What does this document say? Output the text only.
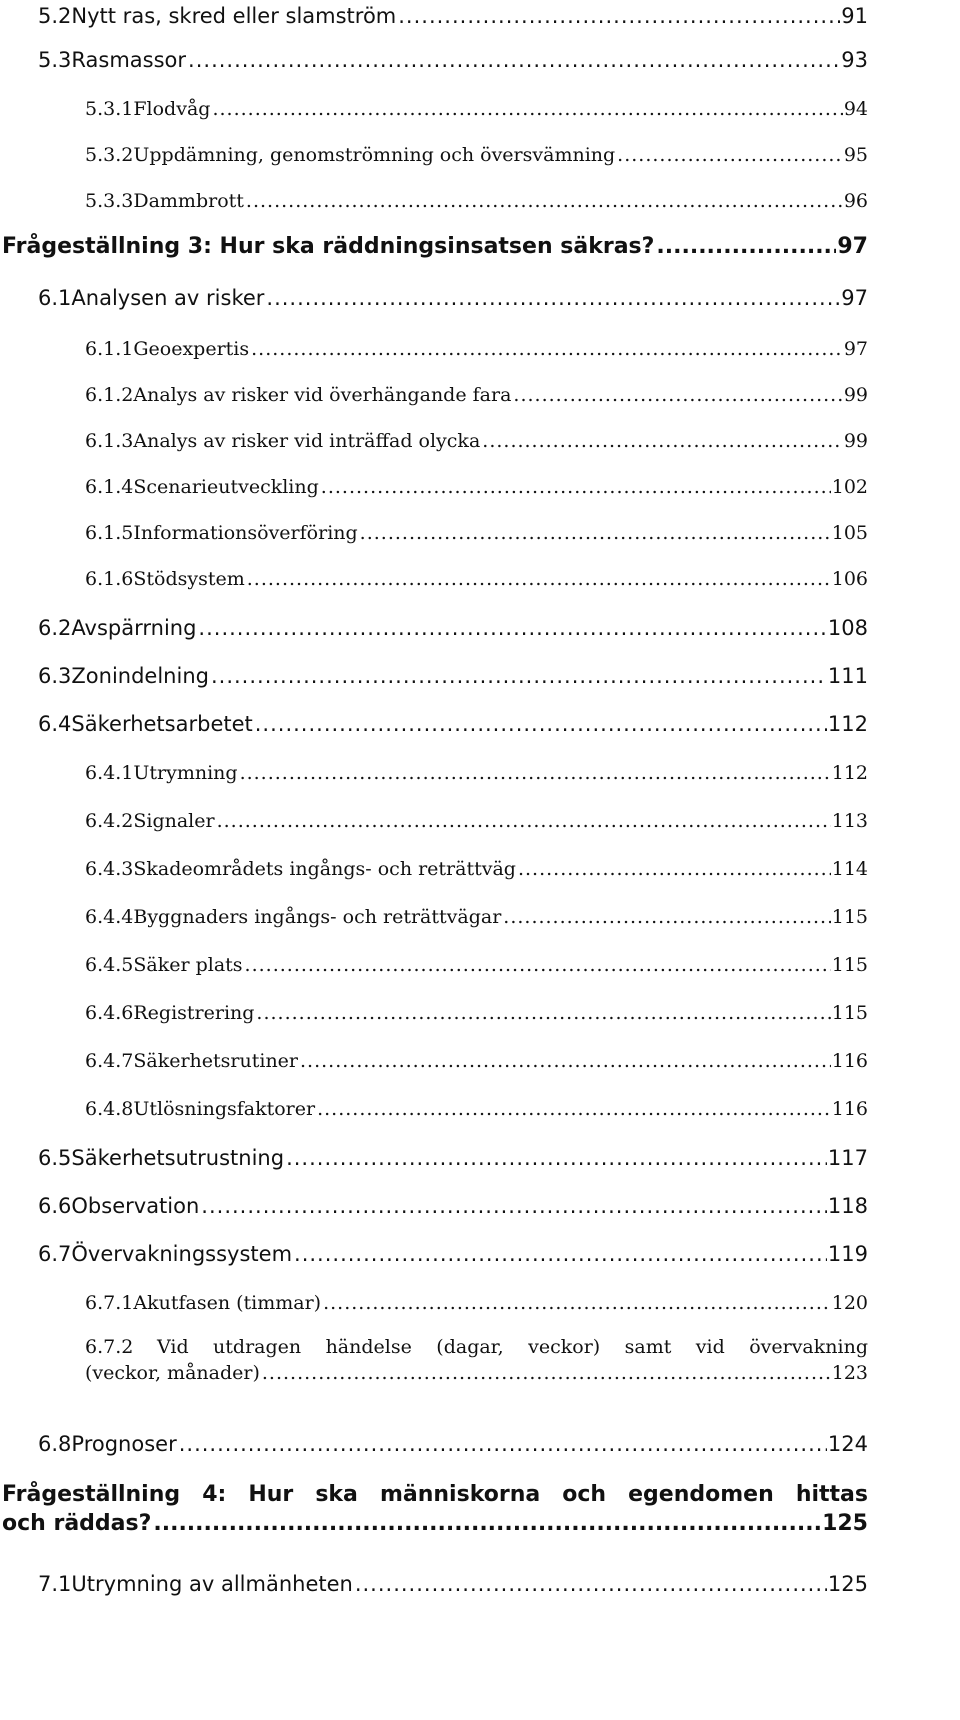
5.2 Nytt ras, skred eller slamström .....	91
5.3 Rasmassor .....	93
5.3.1 Flodvåg .....	94
5.3.2 Uppdämning, genomströmning och översvämning .....	95
5.3.3 Dammbrott .....	96
Frågeställning 3: Hur ska räddningsinsatsen säkras? .....	97
6.1 Analysen av risker .....	97
6.1.1 Geoexpertis .....	97
6.1.2 Analys av risker vid överhängande fara .....	99
6.1.3 Analys av risker vid inträffad olycka .....	99
6.1.4 Scenarieutveckling .....	102
6.1.5 Informationsöverföring .....	105
6.1.6 Stödsystem .....	106
6.2 Avspärrning .....	108
6.3 Zonindelning .....	111
6.4 Säkerhetsarbetet .....	112
6.4.1 Utrymning .....	112
6.4.2 Signaler .....	113
6.4.3 Skadeområdets ingångs- och reträttväg .....	114
6.4.4 Byggnaders ingångs- och reträttvägar .....	115
6.4.5 Säker plats .....	115
6.4.6 Registrering .....	115
6.4.7 Säkerhetsrutiner .....	116
6.4.8 Utlösningsfaktorer .....	116
6.5 Säkerhetsutrustning .....	117
6.6 Observation .....	118
6.7 Övervakningssystem .....	119
6.7.1 Akutfasen (timmar) .....	120
6.7.2	Vid utdragen händelse (dagar, veckor) samt vid övervakning
(veckor, månader) .....	123
6.8 Prognoser .....	124
Frågeställning 4: Hur ska människorna och egendomen hittas
och räddas? .....	125
7.1 Utrymning av allmänheten .....	125
